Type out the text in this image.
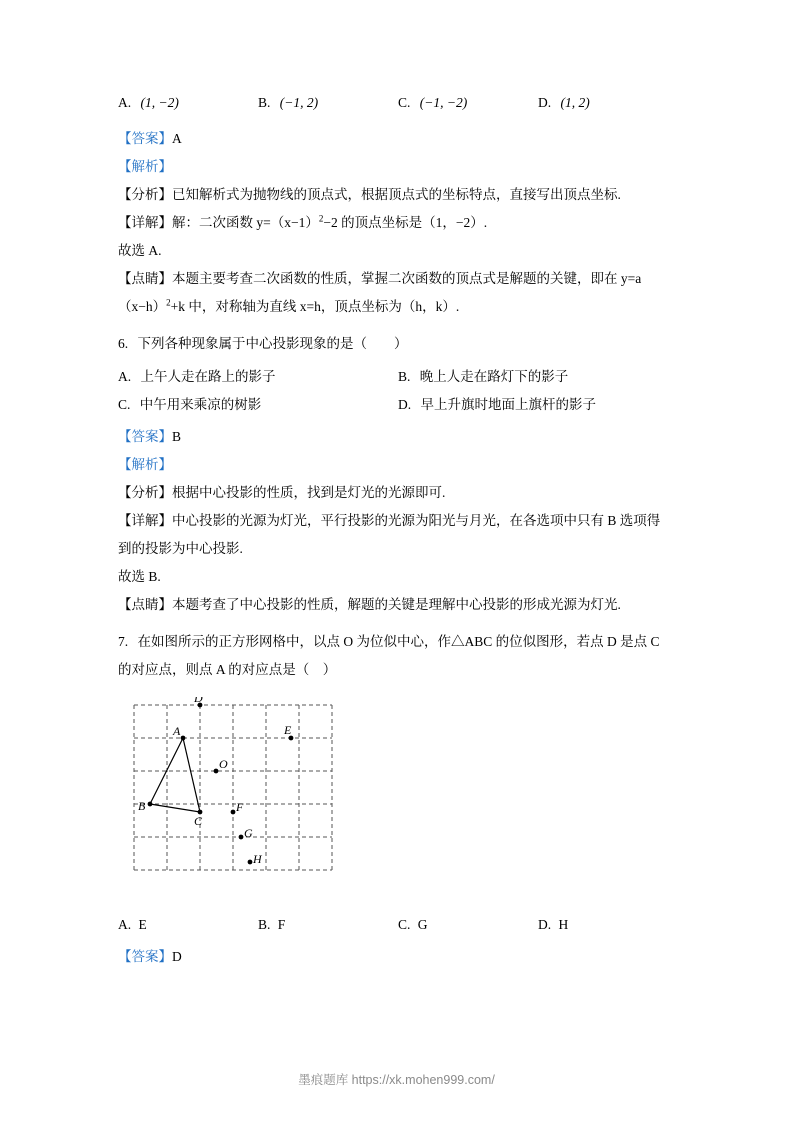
A. (1, −2)	B. (−1, 2)	C. (−1, −2)	D. (1, 2)
【答案】A
【解析】
【分析】已知解析式为抛物线的顶点式，根据顶点式的坐标特点，直接写出顶点坐标.
【详解】解：二次函数 $y=(x-1)^2-2$ 的顶点坐标是（1，−2）.
故选 A.
【点睛】本题主要考查二次函数的性质，掌握二次函数的顶点式是解题的关键，即在 y=a
$(x-h)^2+k$ 中，对称轴为直线 x=h，顶点坐标为（h，k）.
6. 下列各种现象属于中心投影现象的是（　　）
A. 上午人走在路上的影子	B. 晚上人走在路灯下的影子
C. 中午用来乘凉的树影	D. 早上升旗时地面上旗杆的影子
【答案】B
【解析】
【分析】根据中心投影的性质，找到是灯光的光源即可.
【详解】中心投影的光源为灯光，平行投影的光源为阳光与月光，在各选项中只有 B 选项得
到的投影为中心投影.
故选 B.
【点睛】本题考查了中心投影的性质，解题的关键是理解中心投影的形成光源为灯光.
7. 在如图所示的正方形网格中，以点 O 为位似中心，作△ABC 的位似图形，若点 D 是点 C
的对应点，则点 A 的对应点是（　）
D
A	E
O
B	F
C
G
H
A. E	B. F	C. G	D. H
【答案】D
墨痕题库 https://xk.mohen999.com/
